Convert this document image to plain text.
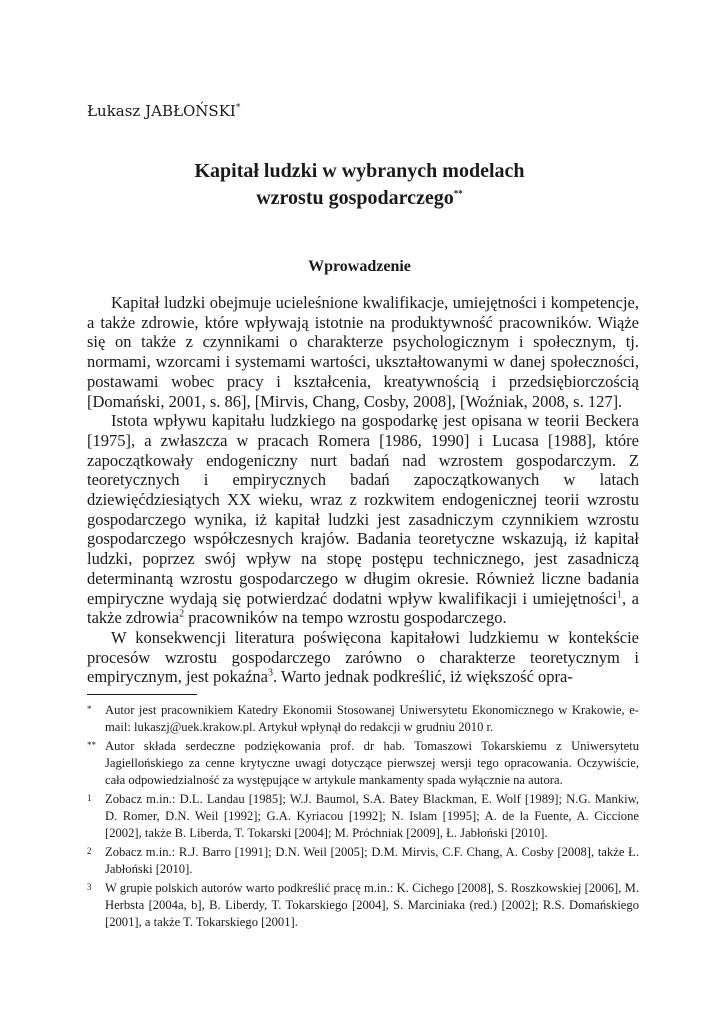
Łukasz JABŁOŃSKI*
Kapitał ludzki w wybranych modelach
wzrostu gospodarczego**
Wprowadzenie

Kapitał ludzki obejmuje ucieleśnione kwalifikacje, umiejętności i kompetencje, a także zdrowie, które wpływają istotnie na produktywność pracowników. Wiąże się on także z czynnikami o charakterze psychologicznym i społecznym, tj. normami, wzorcami i systemami wartości, ukształtowanymi w danej społeczności, postawami wobec pracy i kształcenia, kreatywnością i przedsiębiorczością [Domański, 2001, s. 86], [Mirvis, Chang, Cosby, 2008], [Woźniak, 2008, s. 127].

Istota wpływu kapitału ludzkiego na gospodarkę jest opisana w teorii Beckera [1975], a zwłaszcza w pracach Romera [1986, 1990] i Lucasa [1988], które zapoczątkowały endogeniczny nurt badań nad wzrostem gospodarczym. Z teoretycznych i empirycznych badań zapoczątkowanych w latach dziewięćdziesiątych XX wieku, wraz z rozkwitem endogenicznej teorii wzrostu gospodarczego wynika, iż kapitał ludzki jest zasadniczym czynnikiem wzrostu gospodarczego współczesnych krajów. Badania teoretyczne wskazują, iż kapitał ludzki, poprzez swój wpływ na stopę postępu technicznego, jest zasadniczą determinantą wzrostu gospodarczego w długim okresie. Również liczne badania empiryczne wydają się potwierdzać dodatni wpływ kwalifikacji i umiejętności$^1$, a także zdrowia$^2$ pracowników na tempo wzrostu gospodarczego.

W konsekwencji literatura poświęcona kapitałowi ludzkiemu w kontekście procesów wzrostu gospodarczego zarówno o charakterze teoretycznym i empirycznym, jest pokaźna$^3$. Warto jednak podkreślić, iż większość opra-

* Autor jest pracownikiem Katedry Ekonomii Stosowanej Uniwersytetu Ekonomicznego w Krakowie, e-mail: lukaszj@uek.krakow.pl. Artykuł wpłynął do redakcji w grudniu 2010 r.
** Autor składa serdeczne podziękowania prof. dr hab. Tomaszowi Tokarskiemu z Uniwersytetu Jagiellońskiego za cenne krytyczne uwagi dotyczące pierwszej wersji tego opracowania. Oczywiście, cała odpowiedzialność za występujące w artykule mankamenty spada wyłącznie na autora.
1 Zobacz m.in.: D.L. Landau [1985]; W.J. Baumol, S.A. Batey Blackman, E. Wolf [1989]; N.G. Mankiw, D. Romer, D.N. Weil [1992]; G.A. Kyriacou [1992]; N. Islam [1995]; A. de la Fuente, A. Ciccione [2002], także B. Liberda, T. Tokarski [2004]; M. Próchniak [2009], Ł. Jabłoński [2010].
2 Zobacz m.in.: R.J. Barro [1991]; D.N. Weil [2005]; D.M. Mirvis, C.F. Chang, A. Cosby [2008], także Ł. Jabłoński [2010].
3 W grupie polskich autorów warto podkreślić pracę m.in.: K. Cichego [2008], S. Roszkowskiej [2006], M. Herbsta [2004a, b], B. Liberdy, T. Tokarskiego [2004], S. Marciniaka (red.) [2002]; R.S. Domańskiego [2001], a także T. Tokarskiego [2001].
